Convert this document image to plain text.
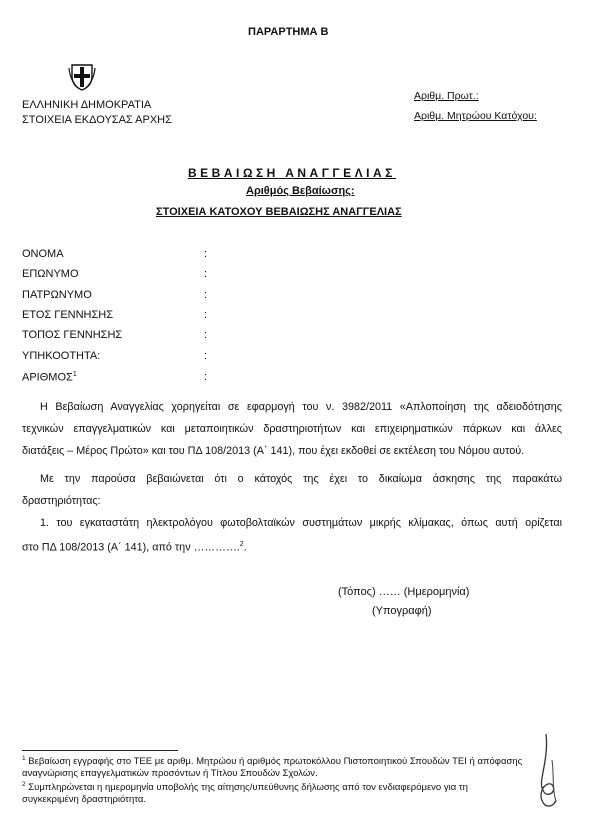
ΠΑΡΑΡΤΗΜΑ Β
ΕΛΛΗΝΙΚΗ ΔΗΜΟΚΡΑΤΙΑ
ΣΤΟΙΧΕΙΑ ΕΚΔΟΥΣΑΣ ΑΡΧΗΣ
Αριθμ. Πρωτ.:
Αριθμ. Μητρώου Κατόχου:
ΒΕΒΑΙΩΣΗ ΑΝΑΓΓΕΛΙΑΣ
Αριθμός Βεβαίωσης:
ΣΤΟΙΧΕΙΑ ΚΑΤΟΧΟΥ ΒΕΒΑΙΩΣΗΣ ΑΝΑΓΓΕΛΙΑΣ
ΟΝΟΜΑ	:
ΕΠΩΝΥΜΟ	:
ΠΑΤΡΩΝΥΜΟ	:
ΕΤΟΣ ΓΕΝΝΗΣΗΣ	:
ΤΟΠΟΣ ΓΕΝΝΗΣΗΣ	:
ΥΠΗΚΟΟΤΗΤΑ:	:
ΑΡΙΘΜΟΣ$^1$	:
Η Βεβαίωση Αναγγελίας χορηγείται σε εφαρμογή του ν. 3982/2011 «Απλοποίηση της αδειοδότησης
τεχνικών επαγγελματικών και μεταποιητικών δραστηριοτήτων και επιχειρηματικών πάρκων και άλλες
διατάξεις – Μέρος Πρώτο» και του ΠΔ 108/2013 (Α΄ 141), που έχει εκδοθεί σε εκτέλεση του Νόμου αυτού.
Με την παρούσα βεβαιώνεται ότι ο κάτοχός της έχει το δικαίωμα άσκησης της παρακάτω
δραστηριότητας:
1. του εγκαταστάτη ηλεκτρολόγου φωτοβολταϊκών συστημάτων μικρής κλίμακας, όπως αυτή ορίζεται
στο ΠΔ 108/2013 (Α΄ 141), από την ………….$^2$.
(Τόπος) …… (Ημερομηνία)
(Υπογραφή)
$^1$ Βεβαίωση εγγραφής στο ΤΕΕ με αριθμ. Μητρώου ή αριθμός πρωτοκόλλου Πιστοποιητικού Σπουδών ΤΕΙ ή απόφασης
αναγνώρισης επαγγελματικών προσόντων ή Τίτλου Σπουδών Σχολών.
$^2$ Συμπληρώνεται η ημερομηνία υποβολής της αίτησης/υπεύθυνης δήλωσης από τον ενδιαφερόμενο για τη
συγκεκριμένη δραστηριότητα.
